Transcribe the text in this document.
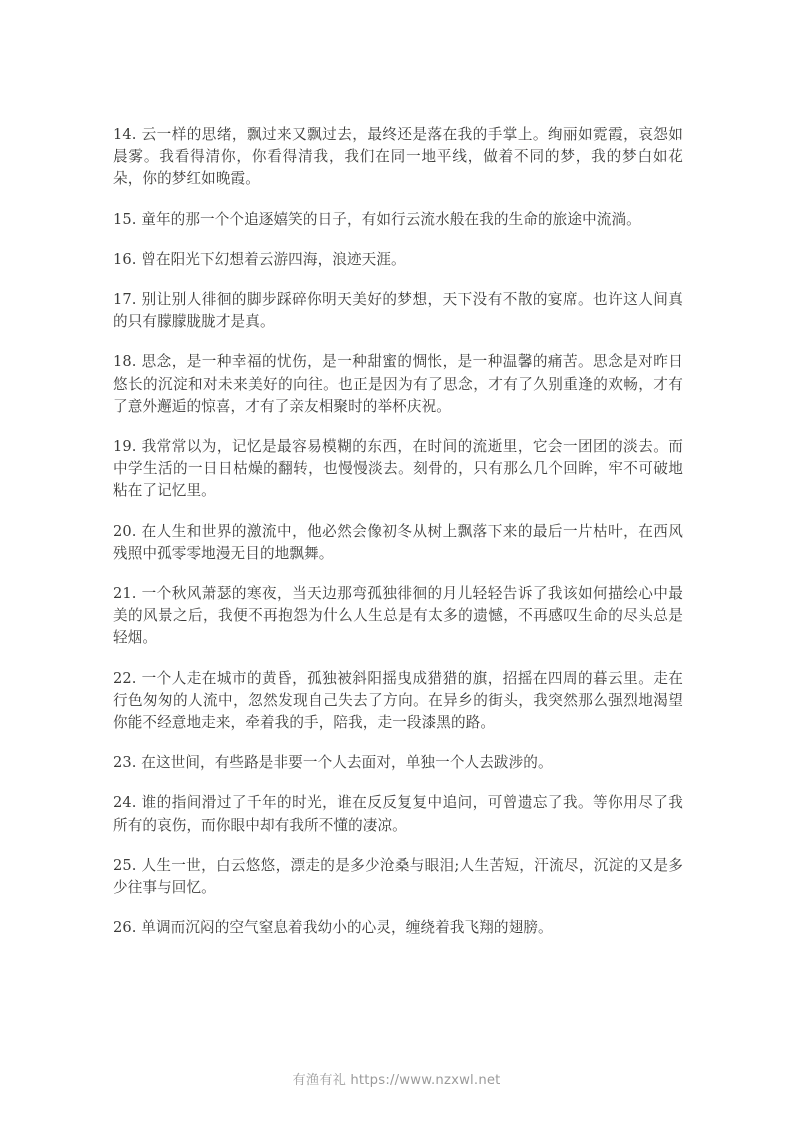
14. 云一样的思绪，飘过来又飘过去，最终还是落在我的手掌上。绚丽如霓霞，哀怨如晨雾。我看得清你，你看得清我，我们在同一地平线，做着不同的梦，我的梦白如花朵，你的梦红如晚霞。

15. 童年的那一个个追逐嬉笑的日子，有如行云流水般在我的生命的旅途中流淌。

16. 曾在阳光下幻想着云游四海，浪迹天涯。

17. 别让别人徘徊的脚步踩碎你明天美好的梦想，天下没有不散的宴席。也许这人间真的只有朦朦胧胧才是真。

18. 思念，是一种幸福的忧伤，是一种甜蜜的惆怅，是一种温馨的痛苦。思念是对昨日悠长的沉淀和对未来美好的向往。也正是因为有了思念，才有了久别重逢的欢畅，才有了意外邂逅的惊喜，才有了亲友相聚时的举杯庆祝。

19. 我常常以为，记忆是最容易模糊的东西，在时间的流逝里，它会一团团的淡去。而中学生活的一日日枯燥的翻转，也慢慢淡去。刻骨的，只有那么几个回眸，牢不可破地粘在了记忆里。

20. 在人生和世界的激流中，他必然会像初冬从树上飘落下来的最后一片枯叶，在西风残照中孤零零地漫无目的地飘舞。

21. 一个秋风萧瑟的寒夜，当天边那弯孤独徘徊的月儿轻轻告诉了我该如何描绘心中最美的风景之后，我便不再抱怨为什么人生总是有太多的遗憾，不再感叹生命的尽头总是轻烟。

22. 一个人走在城市的黄昏，孤独被斜阳摇曳成猎猎的旗，招摇在四周的暮云里。走在行色匆匆的人流中，忽然发现自己失去了方向。在异乡的街头，我突然那么强烈地渴望你能不经意地走来，牵着我的手，陪我，走一段漆黑的路。

23. 在这世间，有些路是非要一个人去面对，单独一个人去跋涉的。

24. 谁的指间滑过了千年的时光，谁在反反复复中追问，可曾遗忘了我。等你用尽了我所有的哀伤，而你眼中却有我所不懂的凄凉。

25. 人生一世，白云悠悠，漂走的是多少沧桑与眼泪;人生苦短，汗流尽，沉淀的又是多少往事与回忆。

26. 单调而沉闷的空气窒息着我幼小的心灵，缠绕着我飞翔的翅膀。

有渔有礼 https://www.nzxwl.net
